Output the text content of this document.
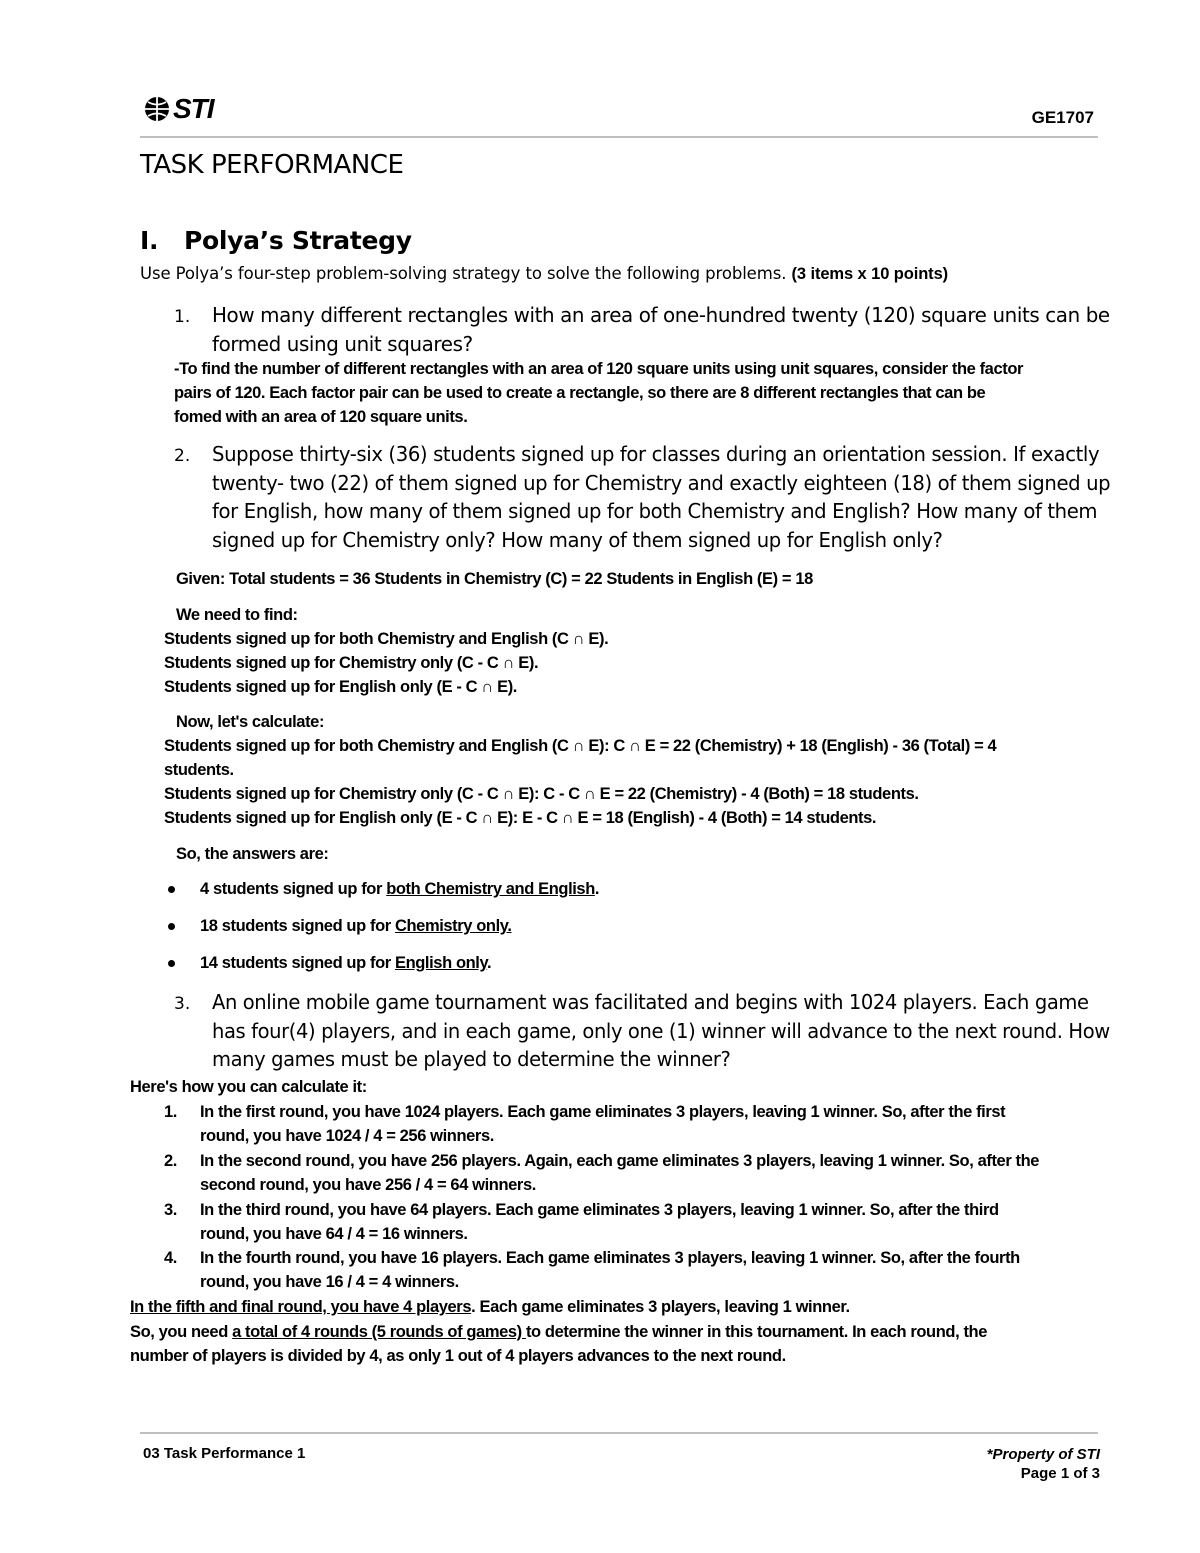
STI	GE1707
TASK PERFORMANCE
I. Polya’s Strategy
Use Polya’s four-step problem-solving strategy to solve the following problems. (3 items x 10 points)
1. How many different rectangles with an area of one-hundred twenty (120) square units can be
formed using unit squares?
-To find the number of different rectangles with an area of 120 square units using unit squares, consider the factor
pairs of 120. Each factor pair can be used to create a rectangle, so there are 8 different rectangles that can be
fomed with an area of 120 square units.
2. Suppose thirty-six (36) students signed up for classes during an orientation session. If exactly
twenty- two (22) of them signed up for Chemistry and exactly eighteen (18) of them signed up
for English, how many of them signed up for both Chemistry and English? How many of them
signed up for Chemistry only? How many of them signed up for English only?
Given: Total students = 36 Students in Chemistry (C) = 22 Students in English (E) = 18
We need to find:
Students signed up for both Chemistry and English (C ∩ E).
Students signed up for Chemistry only (C - C ∩ E).
Students signed up for English only (E - C ∩ E).
Now, let's calculate:
Students signed up for both Chemistry and English (C ∩ E): C ∩ E = 22 (Chemistry) + 18 (English) - 36 (Total) = 4
students.
Students signed up for Chemistry only (C - C ∩ E): C - C ∩ E = 22 (Chemistry) - 4 (Both) = 18 students.
Students signed up for English only (E - C ∩ E): E - C ∩ E = 18 (English) - 4 (Both) = 14 students.
So, the answers are:
4 students signed up for both Chemistry and English.
18 students signed up for Chemistry only.
14 students signed up for English only.
3. An online mobile game tournament was facilitated and begins with 1024 players. Each game
has four(4) players, and in each game, only one (1) winner will advance to the next round. How
many games must be played to determine the winner?
Here's how you can calculate it:
1. In the first round, you have 1024 players. Each game eliminates 3 players, leaving 1 winner. So, after the first
round, you have 1024 / 4 = 256 winners.
2. In the second round, you have 256 players. Again, each game eliminates 3 players, leaving 1 winner. So, after the
second round, you have 256 / 4 = 64 winners.
3. In the third round, you have 64 players. Each game eliminates 3 players, leaving 1 winner. So, after the third
round, you have 64 / 4 = 16 winners.
4. In the fourth round, you have 16 players. Each game eliminates 3 players, leaving 1 winner. So, after the fourth
round, you have 16 / 4 = 4 winners.
In the fifth and final round, you have 4 players. Each game eliminates 3 players, leaving 1 winner.
So, you need a total of 4 rounds (5 rounds of games) to determine the winner in this tournament. In each round, the
number of players is divided by 4, as only 1 out of 4 players advances to the next round.
03 Task Performance 1	*Property of STI
Page 1 of 3
